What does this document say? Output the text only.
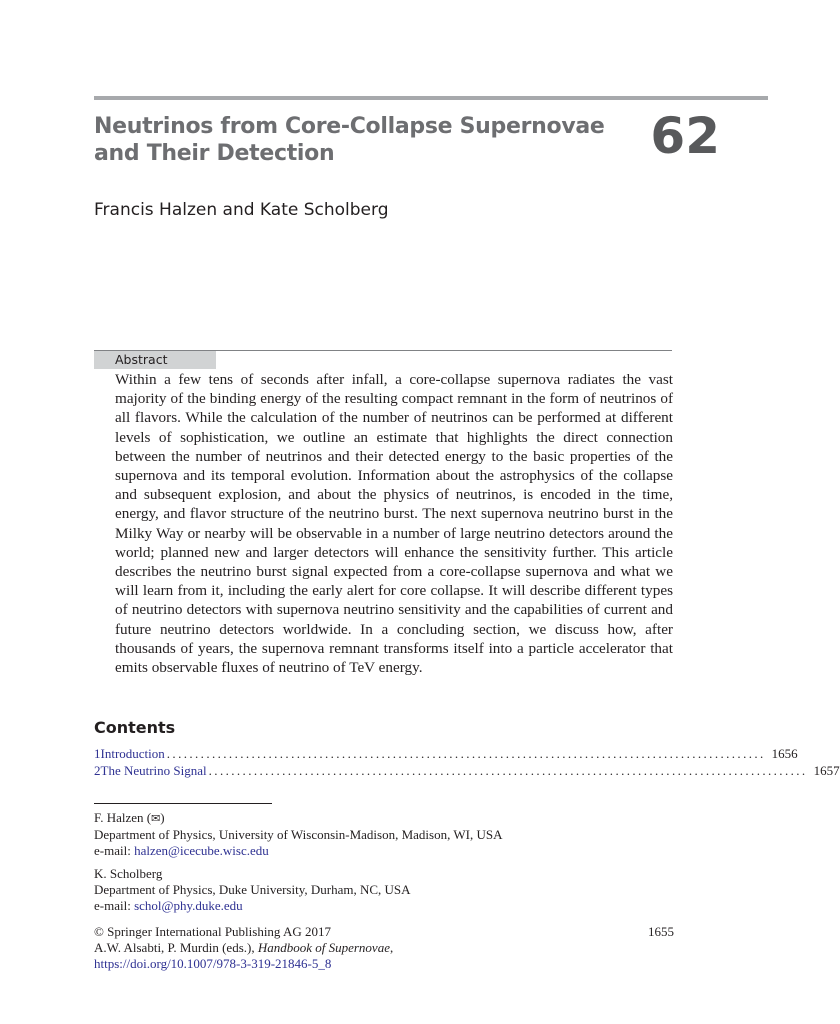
Neutrinos from Core-Collapse Supernovae
and Their Detection	62
Francis Halzen and Kate Scholberg
Abstract
Within a few tens of seconds after infall, a core-collapse supernova radiates the vast majority of the binding energy of the resulting compact remnant in the form of neutrinos of all flavors. While the calculation of the number of neutrinos can be performed at different levels of sophistication, we outline an estimate that highlights the direct connection between the number of neutrinos and their detected energy to the basic properties of the supernova and its temporal evolution. Information about the astrophysics of the collapse and subsequent explosion, and about the physics of neutrinos, is encoded in the time, energy, and flavor structure of the neutrino burst. The next supernova neutrino burst in the Milky Way or nearby will be observable in a number of large neutrino detectors around the world; planned new and larger detectors will enhance the sensitivity further. This article describes the neutrino burst signal expected from a core-collapse supernova and what we will learn from it, including the early alert for core collapse. It will describe different types of neutrino detectors with supernova neutrino sensitivity and the capabilities of current and future neutrino detectors worldwide. In a concluding section, we discuss how, after thousands of years, the supernova remnant transforms itself into a particle accelerator that emits observable fluxes of neutrino of TeV energy.
Contents
1 Introduction .......................................................................................................... 1656
2 The Neutrino Signal .......................................................................................................... 1657
F. Halzen (✉)
Department of Physics, University of Wisconsin-Madison, Madison, WI, USA
e-mail: halzen@icecube.wisc.edu
K. Scholberg
Department of Physics, Duke University, Durham, NC, USA
e-mail: schol@phy.duke.edu
© Springer International Publishing AG 2017
A.W. Alsabti, P. Murdin (eds.), Handbook of Supernovae,
https://doi.org/10.1007/978-3-319-21846-5_8
1655
